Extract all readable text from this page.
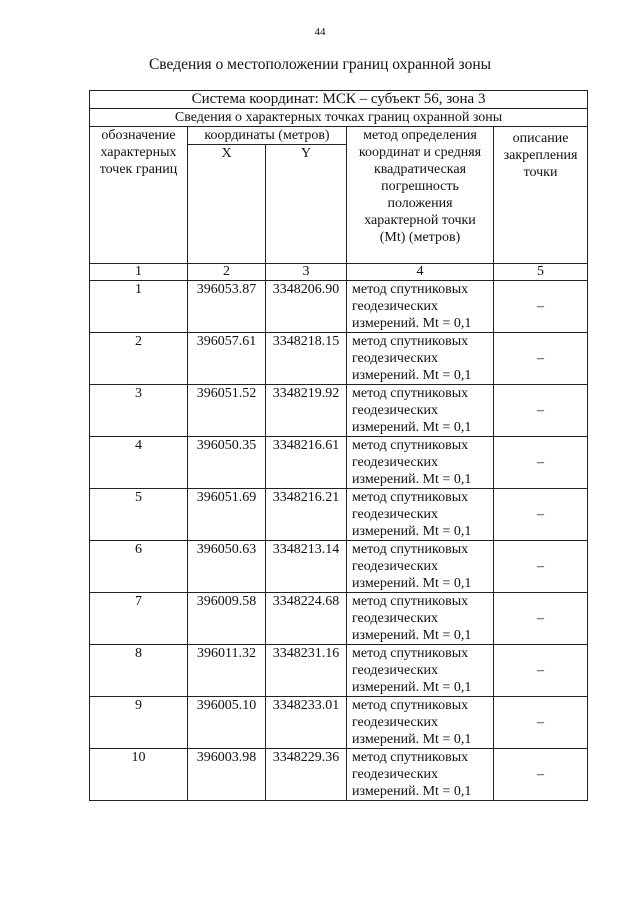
44
Сведения о местоположении границ охранной зоны
Система координат: МСК – субъект 56, зона 3				
Сведения о характерных точках границ охранной зоны				
обозначение характерных точек границ	координаты (метров)		метод определения координат и средняя квадратическая погрешность положения характерной точки (Mt) (метров)	описание закрепления точки
	X	Y		
1	2	3	4	5
1	396053.87	3348206.90	метод спутниковых геодезических измерений. Mt = 0,1	–
2	396057.61	3348218.15	метод спутниковых геодезических измерений. Mt = 0,1	–
3	396051.52	3348219.92	метод спутниковых геодезических измерений. Mt = 0,1	–
4	396050.35	3348216.61	метод спутниковых геодезических измерений. Mt = 0,1	–
5	396051.69	3348216.21	метод спутниковых геодезических измерений. Mt = 0,1	–
6	396050.63	3348213.14	метод спутниковых геодезических измерений. Mt = 0,1	–
7	396009.58	3348224.68	метод спутниковых геодезических измерений. Mt = 0,1	–
8	396011.32	3348231.16	метод спутниковых геодезических измерений. Mt = 0,1	–
9	396005.10	3348233.01	метод спутниковых геодезических измерений. Mt = 0,1	–
10	396003.98	3348229.36	метод спутниковых геодезических измерений. Mt = 0,1	–
